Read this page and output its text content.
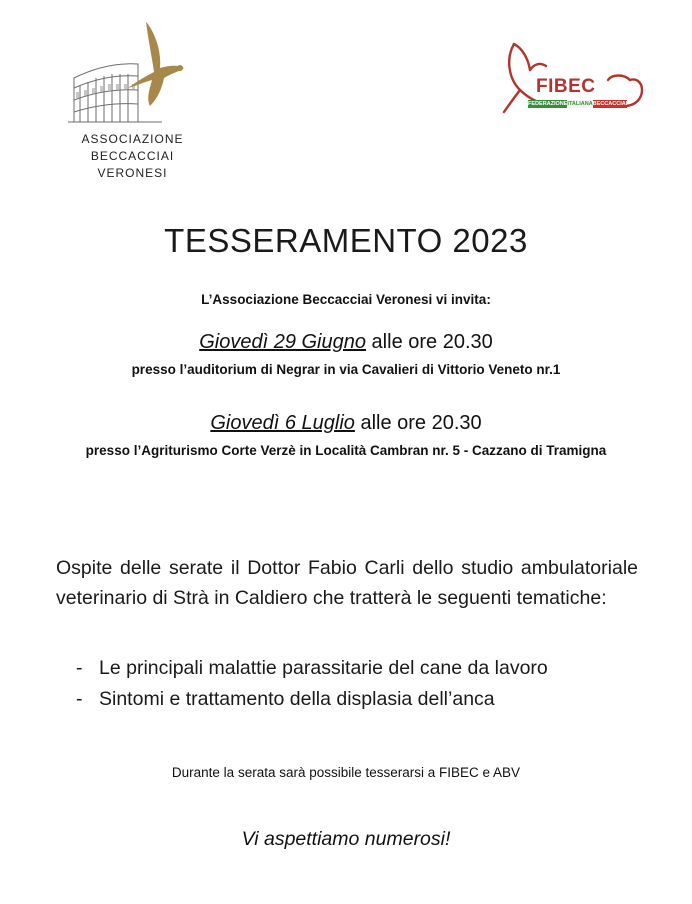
ASSOCIAZIONE BECCACCIAI
VERONESI
FIBEC
FEDERAZIONE ITALIANA BECCACCIAI
TESSERAMENTO 2023
L’Associazione Beccacciai Veronesi vi invita:
Giovedì 29 Giugno alle ore 20.30
presso l’auditorium di Negrar in via Cavalieri di Vittorio Veneto nr.1
Giovedì 6 Luglio alle ore 20.30
presso l’Agriturismo Corte Verzè in Località Cambran nr. 5 - Cazzano di Tramigna
Ospite delle serate il Dottor Fabio Carli dello studio ambulatoriale veterinario di Strà in Caldiero che tratterà le seguenti tematiche:
- Le principali malattie parassitarie del cane da lavoro
- Sintomi e trattamento della displasia dell’anca
Durante la serata sarà possibile tesserarsi a FIBEC e ABV
Vi aspettiamo numerosi!
